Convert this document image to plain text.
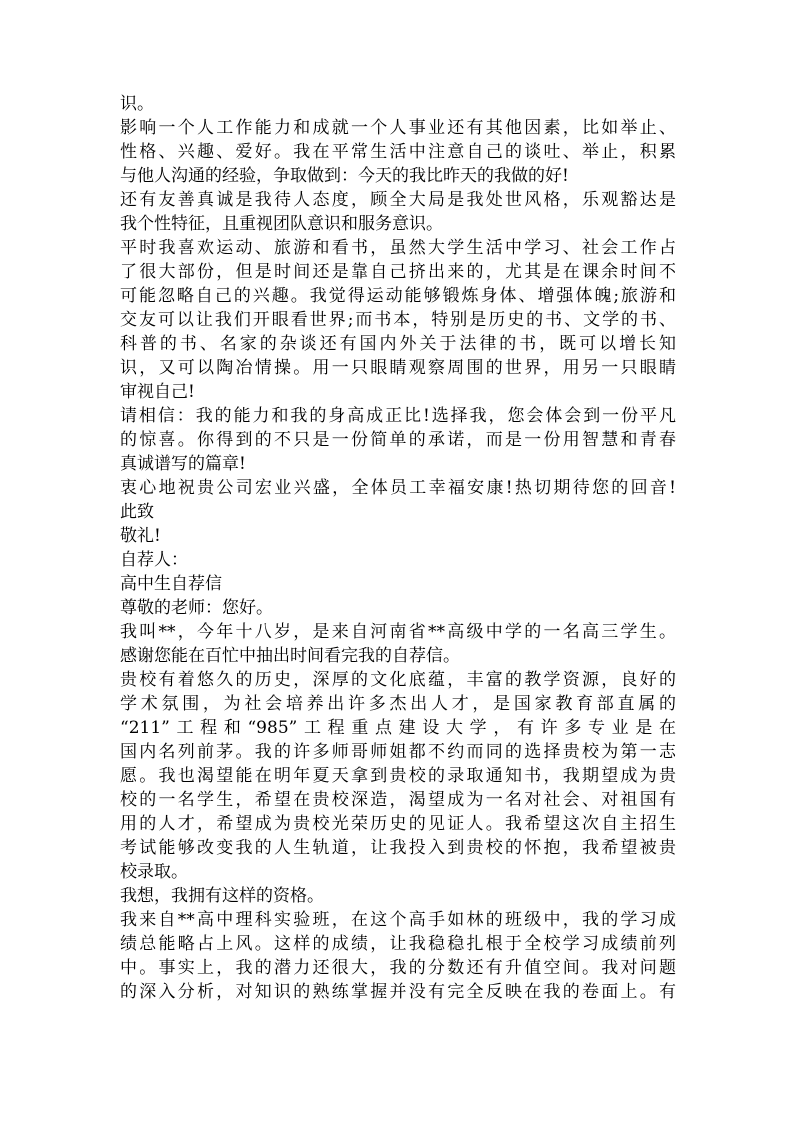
识。
影响一个人工作能力和成就一个人事业还有其他因素，比如举止、
性格、兴趣、爱好。我在平常生活中注意自己的谈吐、举止，积累
与他人沟通的经验，争取做到：今天的我比昨天的我做的好!
还有友善真诚是我待人态度，顾全大局是我处世风格，乐观豁达是
我个性特征，且重视团队意识和服务意识。
平时我喜欢运动、旅游和看书，虽然大学生活中学习、社会工作占
了很大部份，但是时间还是靠自己挤出来的，尤其是在课余时间不
可能忽略自己的兴趣。我觉得运动能够锻炼身体、增强体魄;旅游和
交友可以让我们开眼看世界;而书本，特别是历史的书、文学的书、
科普的书、名家的杂谈还有国内外关于法律的书，既可以增长知
识，又可以陶冶情操。用一只眼睛观察周围的世界，用另一只眼睛
审视自己!
请相信：我的能力和我的身高成正比!选择我，您会体会到一份平凡
的惊喜。你得到的不只是一份简单的承诺，而是一份用智慧和青春
真诚谱写的篇章!
衷心地祝贵公司宏业兴盛，全体员工幸福安康!热切期待您的回音!
此致
敬礼!
自荐人：
高中生自荐信
尊敬的老师：您好。
我叫**，今年十八岁，是来自河南省**高级中学的一名高三学生。
感谢您能在百忙中抽出时间看完我的自荐信。
贵校有着悠久的历史，深厚的文化底蕴，丰富的教学资源，良好的
学术氛围，为社会培养出许多杰出人才，是国家教育部直属的
“211”工程和“985”工程重点建设大学，有许多专业是在
国内名列前茅。我的许多师哥师姐都不约而同的选择贵校为第一志
愿。我也渴望能在明年夏天拿到贵校的录取通知书，我期望成为贵
校的一名学生，希望在贵校深造，渴望成为一名对社会、对祖国有
用的人才，希望成为贵校光荣历史的见证人。我希望这次自主招生
考试能够改变我的人生轨道，让我投入到贵校的怀抱，我希望被贵
校录取。
我想，我拥有这样的资格。
我来自**高中理科实验班，在这个高手如林的班级中，我的学习成
绩总能略占上风。这样的成绩，让我稳稳扎根于全校学习成绩前列
中。事实上，我的潜力还很大，我的分数还有升值空间。我对问题
的深入分析，对知识的熟练掌握并没有完全反映在我的卷面上。有
